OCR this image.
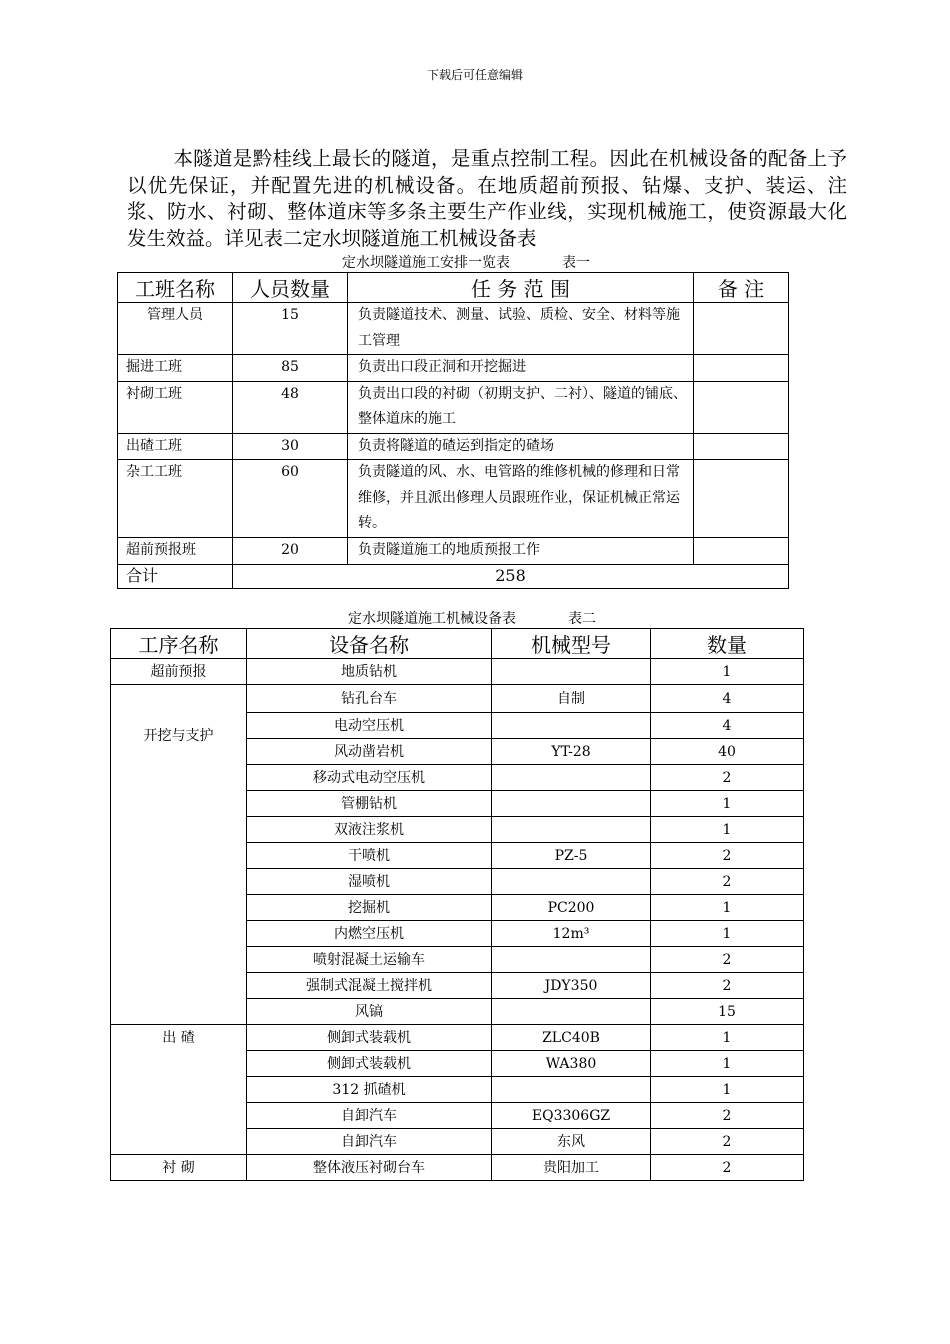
下载后可任意编辑

本隧道是黔桂线上最长的隧道，是重点控制工程。因此在机械设备的配备上予以优先保证，并配置先进的机械设备。在地质超前预报、钻爆、支护、装运、注浆、防水、衬砌、整体道床等多条主要生产作业线，实现机械施工，使资源最大化发生效益。详见表二定水坝隧道施工机械设备表

定水坝隧道施工安排一览表	表一
工班名称	人员数量	任 务 范 围	备 注
管理人员	15	负责隧道技术、测量、试验、质检、安全、材料等施工管理	
掘进工班	85	负责出口段正洞和开挖掘进	
衬砌工班	48	负责出口段的衬砌（初期支护、二衬）、隧道的铺底、整体道床的施工	
出碴工班	30	负责将隧道的碴运到指定的碴场	
杂工工班	60	负责隧道的风、水、电管路的维修机械的修理和日常维修，并且派出修理人员跟班作业，保证机械正常运转。	
超前预报班	20	负责隧道施工的地质预报工作	
合计	258		
定水坝隧道施工机械设备表	表二
工序名称	设备名称	机械型号	数量
超前预报	地质钻机		1
开挖与支护	钻孔台车	自制	4
	电动空压机		4
	风动凿岩机	YT-28	40
	移动式电动空压机		2
	管棚钻机		1
	双液注浆机		1
	干喷机	PZ-5	2
	湿喷机		2
	挖掘机	PC200	1
	内燃空压机	12m³	1
	喷射混凝土运输车		2
	强制式混凝土搅拌机	JDY350	2
	风镐		15
出 碴	侧卸式装载机	ZLC40B	1
	侧卸式装载机	WA380	1
	312 抓碴机		1
	自卸汽车	EQ3306GZ	2
	自卸汽车	东风	2
衬 砌	整体液压衬砌台车	贵阳加工	2
